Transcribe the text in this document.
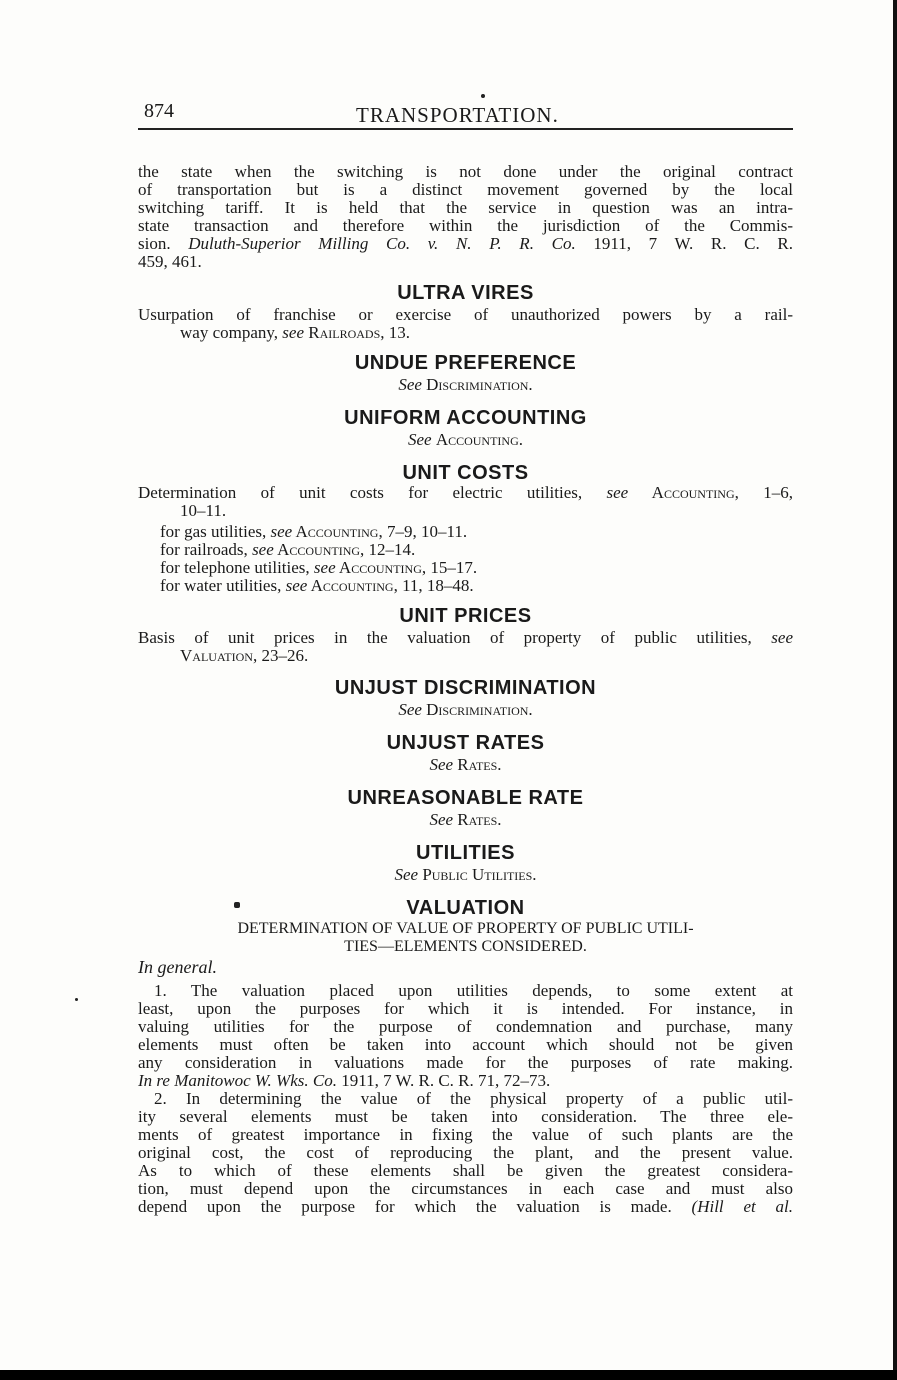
874	TRANSPORTATION.

the state when the switching is not done under the original contract

of transportation but is a distinct movement governed by the local

switching tariff. It is held that the service in question was an intra-

state transaction and therefore within the jurisdiction of the Commis-

sion. Duluth-Superior Milling Co. v. N. P. R. Co. 1911, 7 W. R. C. R.

459, 461.

ULTRA VIRES

Usurpation of franchise or exercise of unauthorized powers by a rail-

way company, see Railroads, 13.

UNDUE PREFERENCE

See Discrimination.

UNIFORM ACCOUNTING

See Accounting.

UNIT COSTS

Determination of unit costs for electric utilities, see Accounting, 1–6,

10–11.

for gas utilities, see Accounting, 7–9, 10–11.

for railroads, see Accounting, 12–14.

for telephone utilities, see Accounting, 15–17.

for water utilities, see Accounting, 11, 18–48.

UNIT PRICES

Basis of unit prices in the valuation of property of public utilities, see

Valuation, 23–26.

UNJUST DISCRIMINATION

See Discrimination.

UNJUST RATES

See Rates.

UNREASONABLE RATE

See Rates.

UTILITIES

See Public Utilities.

VALUATION

DETERMINATION OF VALUE OF PROPERTY OF PUBLIC UTILI-

TIES—ELEMENTS CONSIDERED.

In general.

1. The valuation placed upon utilities depends, to some extent at

least, upon the purposes for which it is intended. For instance, in

valuing utilities for the purpose of condemnation and purchase, many

elements must often be taken into account which should not be given

any consideration in valuations made for the purposes of rate making.

In re Manitowoc W. Wks. Co. 1911, 7 W. R. C. R. 71, 72–73.

2. In determining the value of the physical property of a public util-

ity several elements must be taken into consideration. The three ele-

ments of greatest importance in fixing the value of such plants are the

original cost, the cost of reproducing the plant, and the present value.

As to which of these elements shall be given the greatest considera-

tion, must depend upon the circumstances in each case and must also

depend upon the purpose for which the valuation is made. (Hill et al.
